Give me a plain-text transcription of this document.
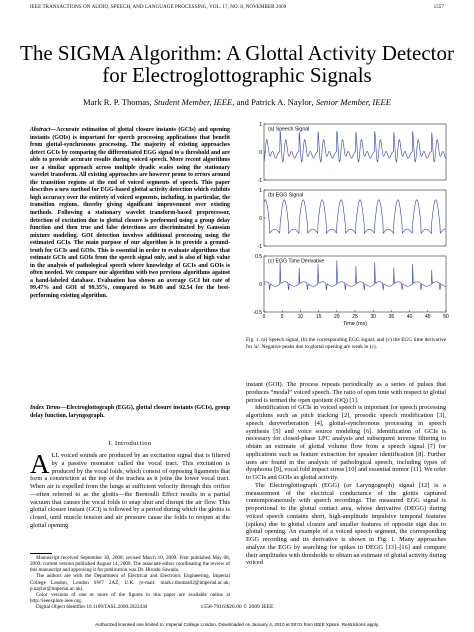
IEEE TRANSACTIONS ON AUDIO, SPEECH, AND LANGUAGE PROCESSING, VOL. 17, NO. 8, NOVEMBER 2009	1557
The SIGMA Algorithm: A Glottal Activity Detector
for Electroglottographic Signals
Mark R. P. Thomas, Student Member, IEEE, and Patrick A. Naylor, Senior Member, IEEE
Abstract—Accurate estimation of glottal closure instants (GCIs) and opening instants (GOIs) is important for speech processing applications that benefit from glottal-synchronous processing. The majority of existing approaches detect GCIs by comparing the differentiated EGG signal to a threshold and are able to provide accurate results during voiced speech. More recent algorithms use a similar approach across multiple dyadic scales using the stationary wavelet transform. All existing approaches are however prone to errors around the transition regions at the end of voiced segments of speech. This paper describes a new method for EGG-based glottal activity detection which exhibits high accuracy over the entirety of voiced segments, including, in particular, the transition regions, thereby giving significant improvement over existing methods. Following a stationary wavelet transform-based preprocessor, detection of excitation due to glottal closure is performed using a group delay function and then true and false detections are discriminated by Gaussian mixture modeling. GOI detection involves additional processing using the estimated GCIs. The main purpose of our algorithm is to provide a ground-truth for GCIs and GOIs. This is essential in order to evaluate algorithms that estimate GCIs and GOIs from the speech signal only, and is also of high value in the analysis of pathological speech where knowledge of GCIs and GOIs is often needed. We compare our algorithm with two previous algorithms against a hand-labeled database. Evaluation has shown an average GCI hit rate of 99.47% and GOI of 99.35%, compared to 96.08 and 92.54 for the best-performing existing algorithm.
Index Terms—Electroglottograph (EGG), glottal closure instants (GCIs), group delay function, laryngograph.
I. Introduction
ALL voiced sounds are produced by an excitation signal that is filtered by a passive resonator called the vocal tract. This excitation is produced by the vocal folds, which consist of opposing ligaments that form a constriction at the top of the trachea as it joins the lower vocal tract. When air is expelled from the lungs at sufficient velocity through this orifice—often referred to as the glottis—the Bernoulli Effect results in a partial vacuum that causes the vocal folds to snap shut and disrupt the air flow. This glottal closure instant (GCI) is followed by a period during which the glottis is closed, until muscle tension and air pressure cause the folds to reopen at the glottal opening

Manuscript received September 30, 2008; revised March 10, 2009. First published May 08, 2009; current version published August 14, 2009. The associate editor coordinating the review of this manuscript and approving it for publication was Dr. Hiroshi Sawada.

The authors are with the Department of Electrical and Electronic Engineering, Imperial College London, London SW7 2AZ, U.K. (e-mail: mark.r.thomas02@imperial.ac.uk; p.naylor@imperial.ac.uk).

Color versions of one or more of the figures in this paper are available online at http://ieeexplore.ieee.org.

Digital Object Identifier 10.1109/TASL.2009.2022430

(a) Speech Signal
1
0
-1
(b) EGG Signal
1
0
-1
(c) EGG Time Derivative
0.5
0
-0.5
0	5	10	15	20	25	30	35	40	45	50
Time (ms)
Fig. 1. (a) Speech signal, (b) the corresponding EGG signal, and (c) the EGG time derivative for /a/. Negative peaks due to glottal opening are weak in (c).

instant (GOI). The process repeats periodically as a series of pulses that produces “modal” voiced speech. The ratio of open time with respect to glottal period is termed the open quotient (OQ) [1].

Identification of GCIs in voiced speech is important for speech processing algorithms such as pitch tracking [2], prosodic speech modification [3], speech dereverberation [4], glottal-synchronous processing in speech synthesis [5] and voice source modeling [6]. Identification of GCIs is necessary for closed-phase LPC analysis and subsequent inverse filtering to obtain an estimate of glottal volume flow from a speech signal [7] for applications such as feature extraction for speaker identification [8]. Further uses are found in the analysis of pathological speech, including types of dysphonia [9], vocal fold impact stress [10] and essential tremor [11]. We refer to GCIs and GOIs as glottal activity.

The Electroglottograph (EGG) (or Laryngograph) signal [12] is a measurement of the electrical conductance of the glottis captured contemporaneously with speech recordings. The measured EGG signal is proportional to the glottal contact area, whose derivative (DEGG) during voiced speech contains short, high-amplitude impulsive temporal features (spikes) due to glottal closure and smaller features of opposite sign due to glottal opening. An example of a voiced speech segment, the corresponding EGG recording and its derivative is shown in Fig. 1. Many approaches analyze the EGG by searching for spikes in DEGG [13]–[16] and compare their amplitudes with thresholds to obtain an estimate of glottal activity during voiced

1558-7916/$26.00 © 2009 IEEE
Authorized licensed use limited to: Imperial College London. Downloaded on January 4, 2010 at 08:01 from IEEE Xplore. Restrictions apply.
